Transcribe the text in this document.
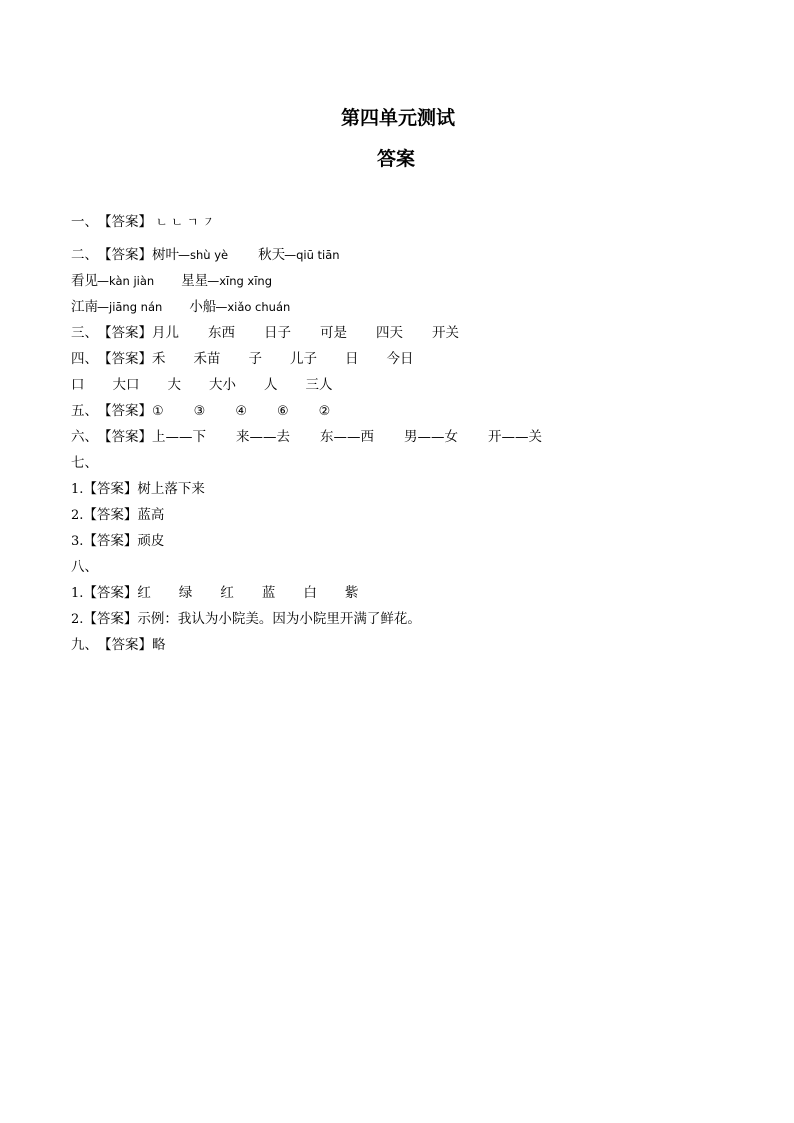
第四单元测试
答案
一、【答案】 ㄴ ㄴ ㄱ ㇇
二、【答案】树叶—shù yè 秋天—qiū tiān
看见—kàn jiàn 星星—xīng xīng
江南—jiāng nán 小船—xiǎo chuán
三、【答案】月儿 东西 日子 可是 四天 开关
四、【答案】禾 禾苗 子 儿子 日 今日
口 大口 大 大小 人 三人
五、【答案】① ③ ④ ⑥ ②
六、【答案】上——下 来——去 东——西 男——女 开——关
七、
1.【答案】树上落下来
2.【答案】蓝高
3.【答案】顽皮
八、
1.【答案】红 绿 红 蓝 白 紫
2.【答案】示例：我认为小院美。因为小院里开满了鲜花。
九、【答案】略
